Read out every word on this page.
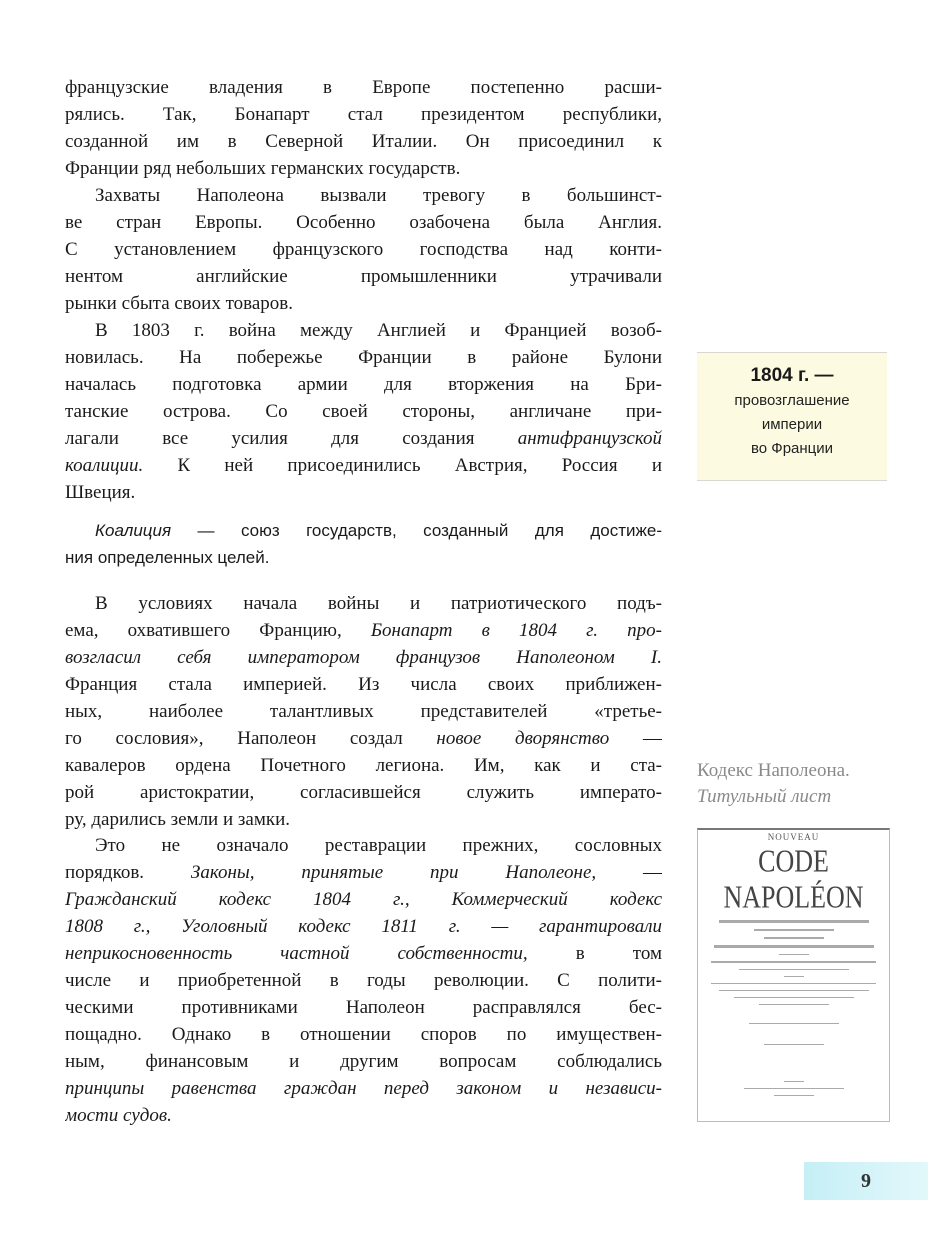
французские владения в Европе постепенно расши-
рялись. Так, Бонапарт стал президентом республики,
созданной им в Северной Италии. Он присоединил к
Франции ряд небольших германских государств.
Захваты Наполеона вызвали тревогу в большинст-
ве стран Европы. Особенно озабочена была Англия.
С установлением французского господства над конти-
нентом английские промышленники утрачивали
рынки сбыта своих товаров.
В 1803 г. война между Англией и Францией возоб-
новилась. На побережье Франции в районе Булони
началась подготовка армии для вторжения на Бри-
танские острова. Со своей стороны, англичане при-
лагали все усилия для создания антифранцузской
коалиции. К ней присоединились Австрия, Россия и
Швеция.
Коалиция — союз государств, созданный для достиже-
ния определенных целей.
В условиях начала войны и патриотического подъ-
ема, охватившего Францию, Бонапарт в 1804 г. про-
возгласил себя императором французов Наполеоном I.
Франция стала империей. Из числа своих приближен-
ных, наиболее талантливых представителей «третье-
го сословия», Наполеон создал новое дворянство —
кавалеров ордена Почетного легиона. Им, как и ста-
рой аристократии, согласившейся служить императо-
ру, дарились земли и замки.
Это не означало реставрации прежних, сословных
порядков. Законы, принятые при Наполеоне, —
Гражданский кодекс 1804 г., Коммерческий кодекс
1808 г., Уголовный кодекс 1811 г. — гарантировали
неприкосновенность частной собственности, в том
числе и приобретенной в годы революции. С полити-
ческими противниками Наполеон расправлялся бес-
пощадно. Однако в отношении споров по имуществен-
ным, финансовым и другим вопросам соблюдались
принципы равенства граждан перед законом и независи-
мости судов.
1804 г. —
провозглашение
империи
во Франции
Кодекс Наполеона.
Титульный лист
NOUVEAU
CODE NAPOLÉON
9
